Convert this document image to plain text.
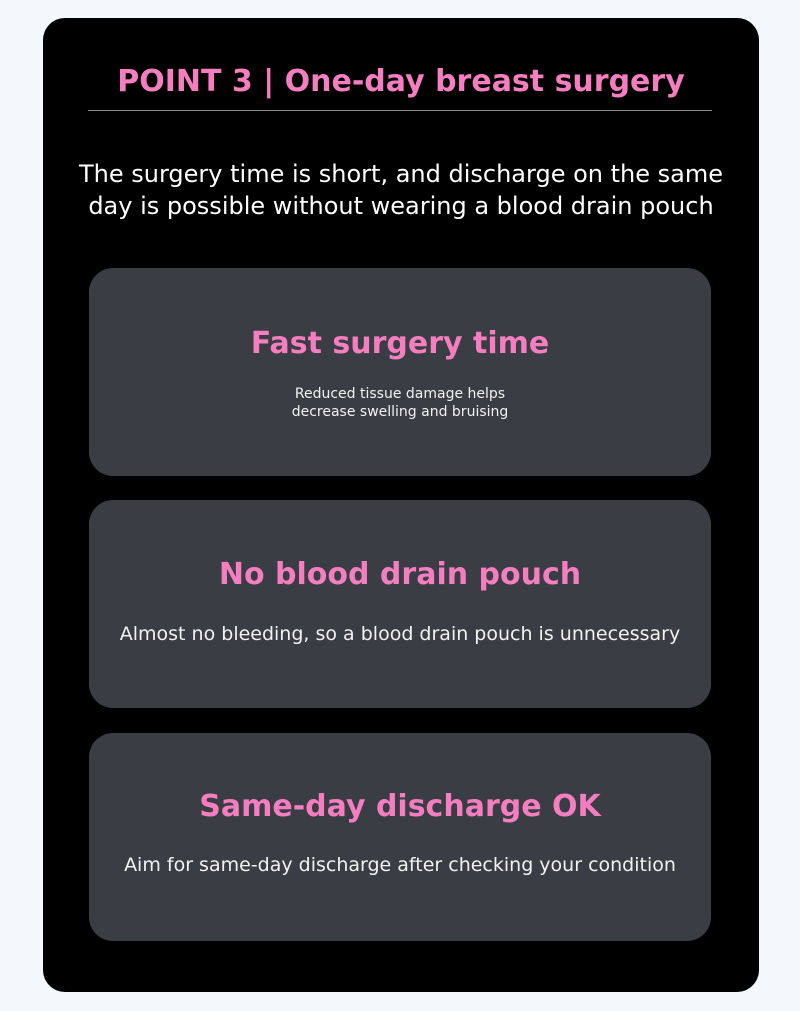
POINT 3 | One-day breast surgery

The surgery time is short, and discharge on the same
day is possible without wearing a blood drain pouch

Fast surgery time

Reduced tissue damage helps
decrease swelling and bruising

No blood drain pouch

Almost no bleeding, so a blood drain pouch is unnecessary

Same-day discharge OK

Aim for same-day discharge after checking your condition
